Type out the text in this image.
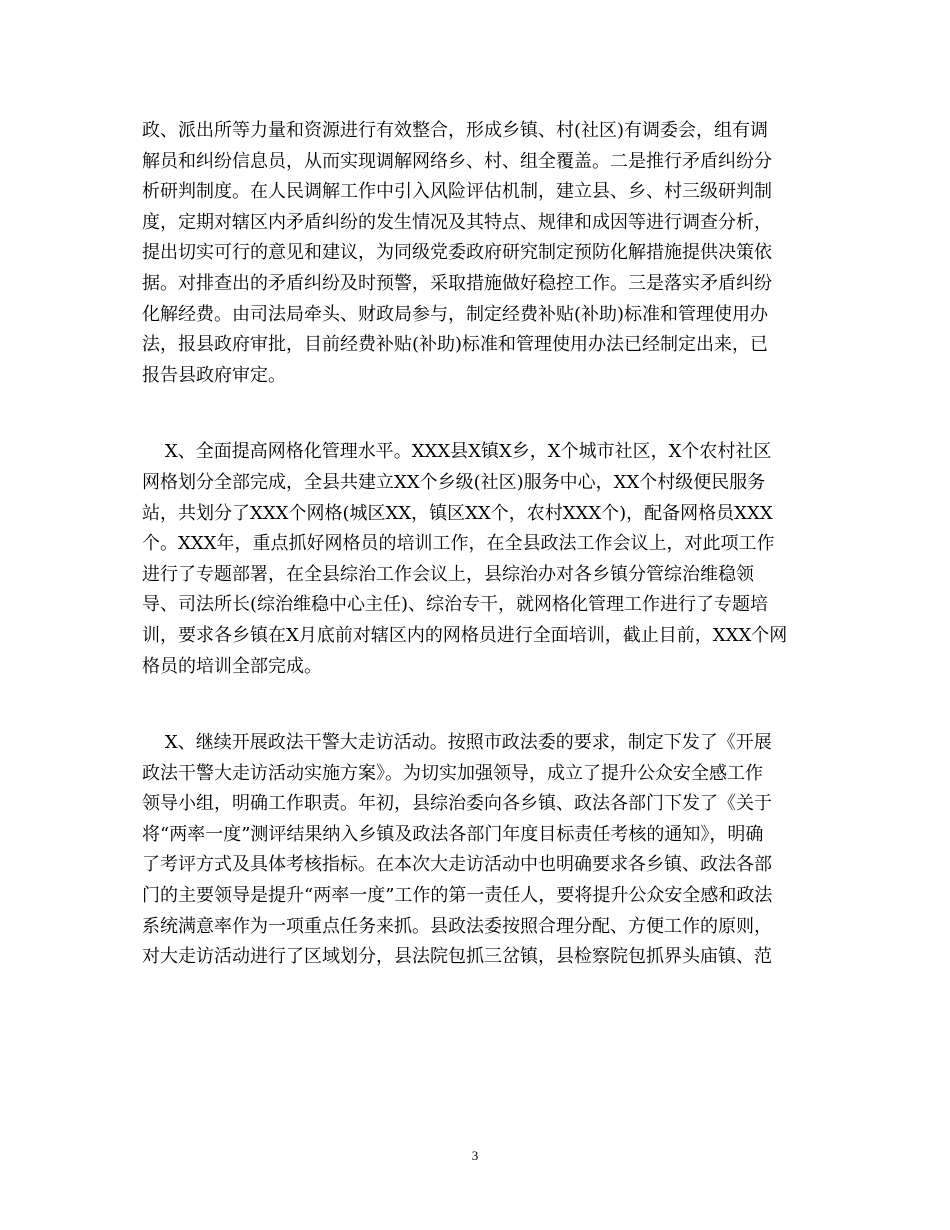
政、派出所等力量和资源进行有效整合，形成乡镇、村(社区)有调委会，组有调
解员和纠纷信息员，从而实现调解网络乡、村、组全覆盖。二是推行矛盾纠纷分
析研判制度。在人民调解工作中引入风险评估机制，建立县、乡、村三级研判制
度，定期对辖区内矛盾纠纷的发生情况及其特点、规律和成因等进行调查分析，
提出切实可行的意见和建议，为同级党委政府研究制定预防化解措施提供决策依
据。对排查出的矛盾纠纷及时预警，采取措施做好稳控工作。三是落实矛盾纠纷
化解经费。由司法局牵头、财政局参与，制定经费补贴(补助)标准和管理使用办
法，报县政府审批，目前经费补贴(补助)标准和管理使用办法已经制定出来，已
报告县政府审定。
X、全面提高网格化管理水平。XXX县X镇X乡，X个城市社区，X个农村社区
网格划分全部完成，全县共建立XX个乡级(社区)服务中心，XX个村级便民服务
站，共划分了XXX个网格(城区XX，镇区XX个，农村XXX个)，配备网格员XXX
个。XXX年，重点抓好网格员的培训工作，在全县政法工作会议上，对此项工作
进行了专题部署，在全县综治工作会议上，县综治办对各乡镇分管综治维稳领
导、司法所长(综治维稳中心主任)、综治专干，就网格化管理工作进行了专题培
训，要求各乡镇在X月底前对辖区内的网格员进行全面培训，截止目前，XXX个网
格员的培训全部完成。
X、继续开展政法干警大走访活动。按照市政法委的要求，制定下发了《开展
政法干警大走访活动实施方案》。为切实加强领导，成立了提升公众安全感工作
领导小组，明确工作职责。年初，县综治委向各乡镇、政法各部门下发了《关于
将“两率一度”测评结果纳入乡镇及政法各部门年度目标责任考核的通知》，明确
了考评方式及具体考核指标。在本次大走访活动中也明确要求各乡镇、政法各部
门的主要领导是提升“两率一度”工作的第一责任人，要将提升公众安全感和政法
系统满意率作为一项重点任务来抓。县政法委按照合理分配、方便工作的原则，
对大走访活动进行了区域划分，县法院包抓三岔镇，县检察院包抓界头庙镇、范
3
